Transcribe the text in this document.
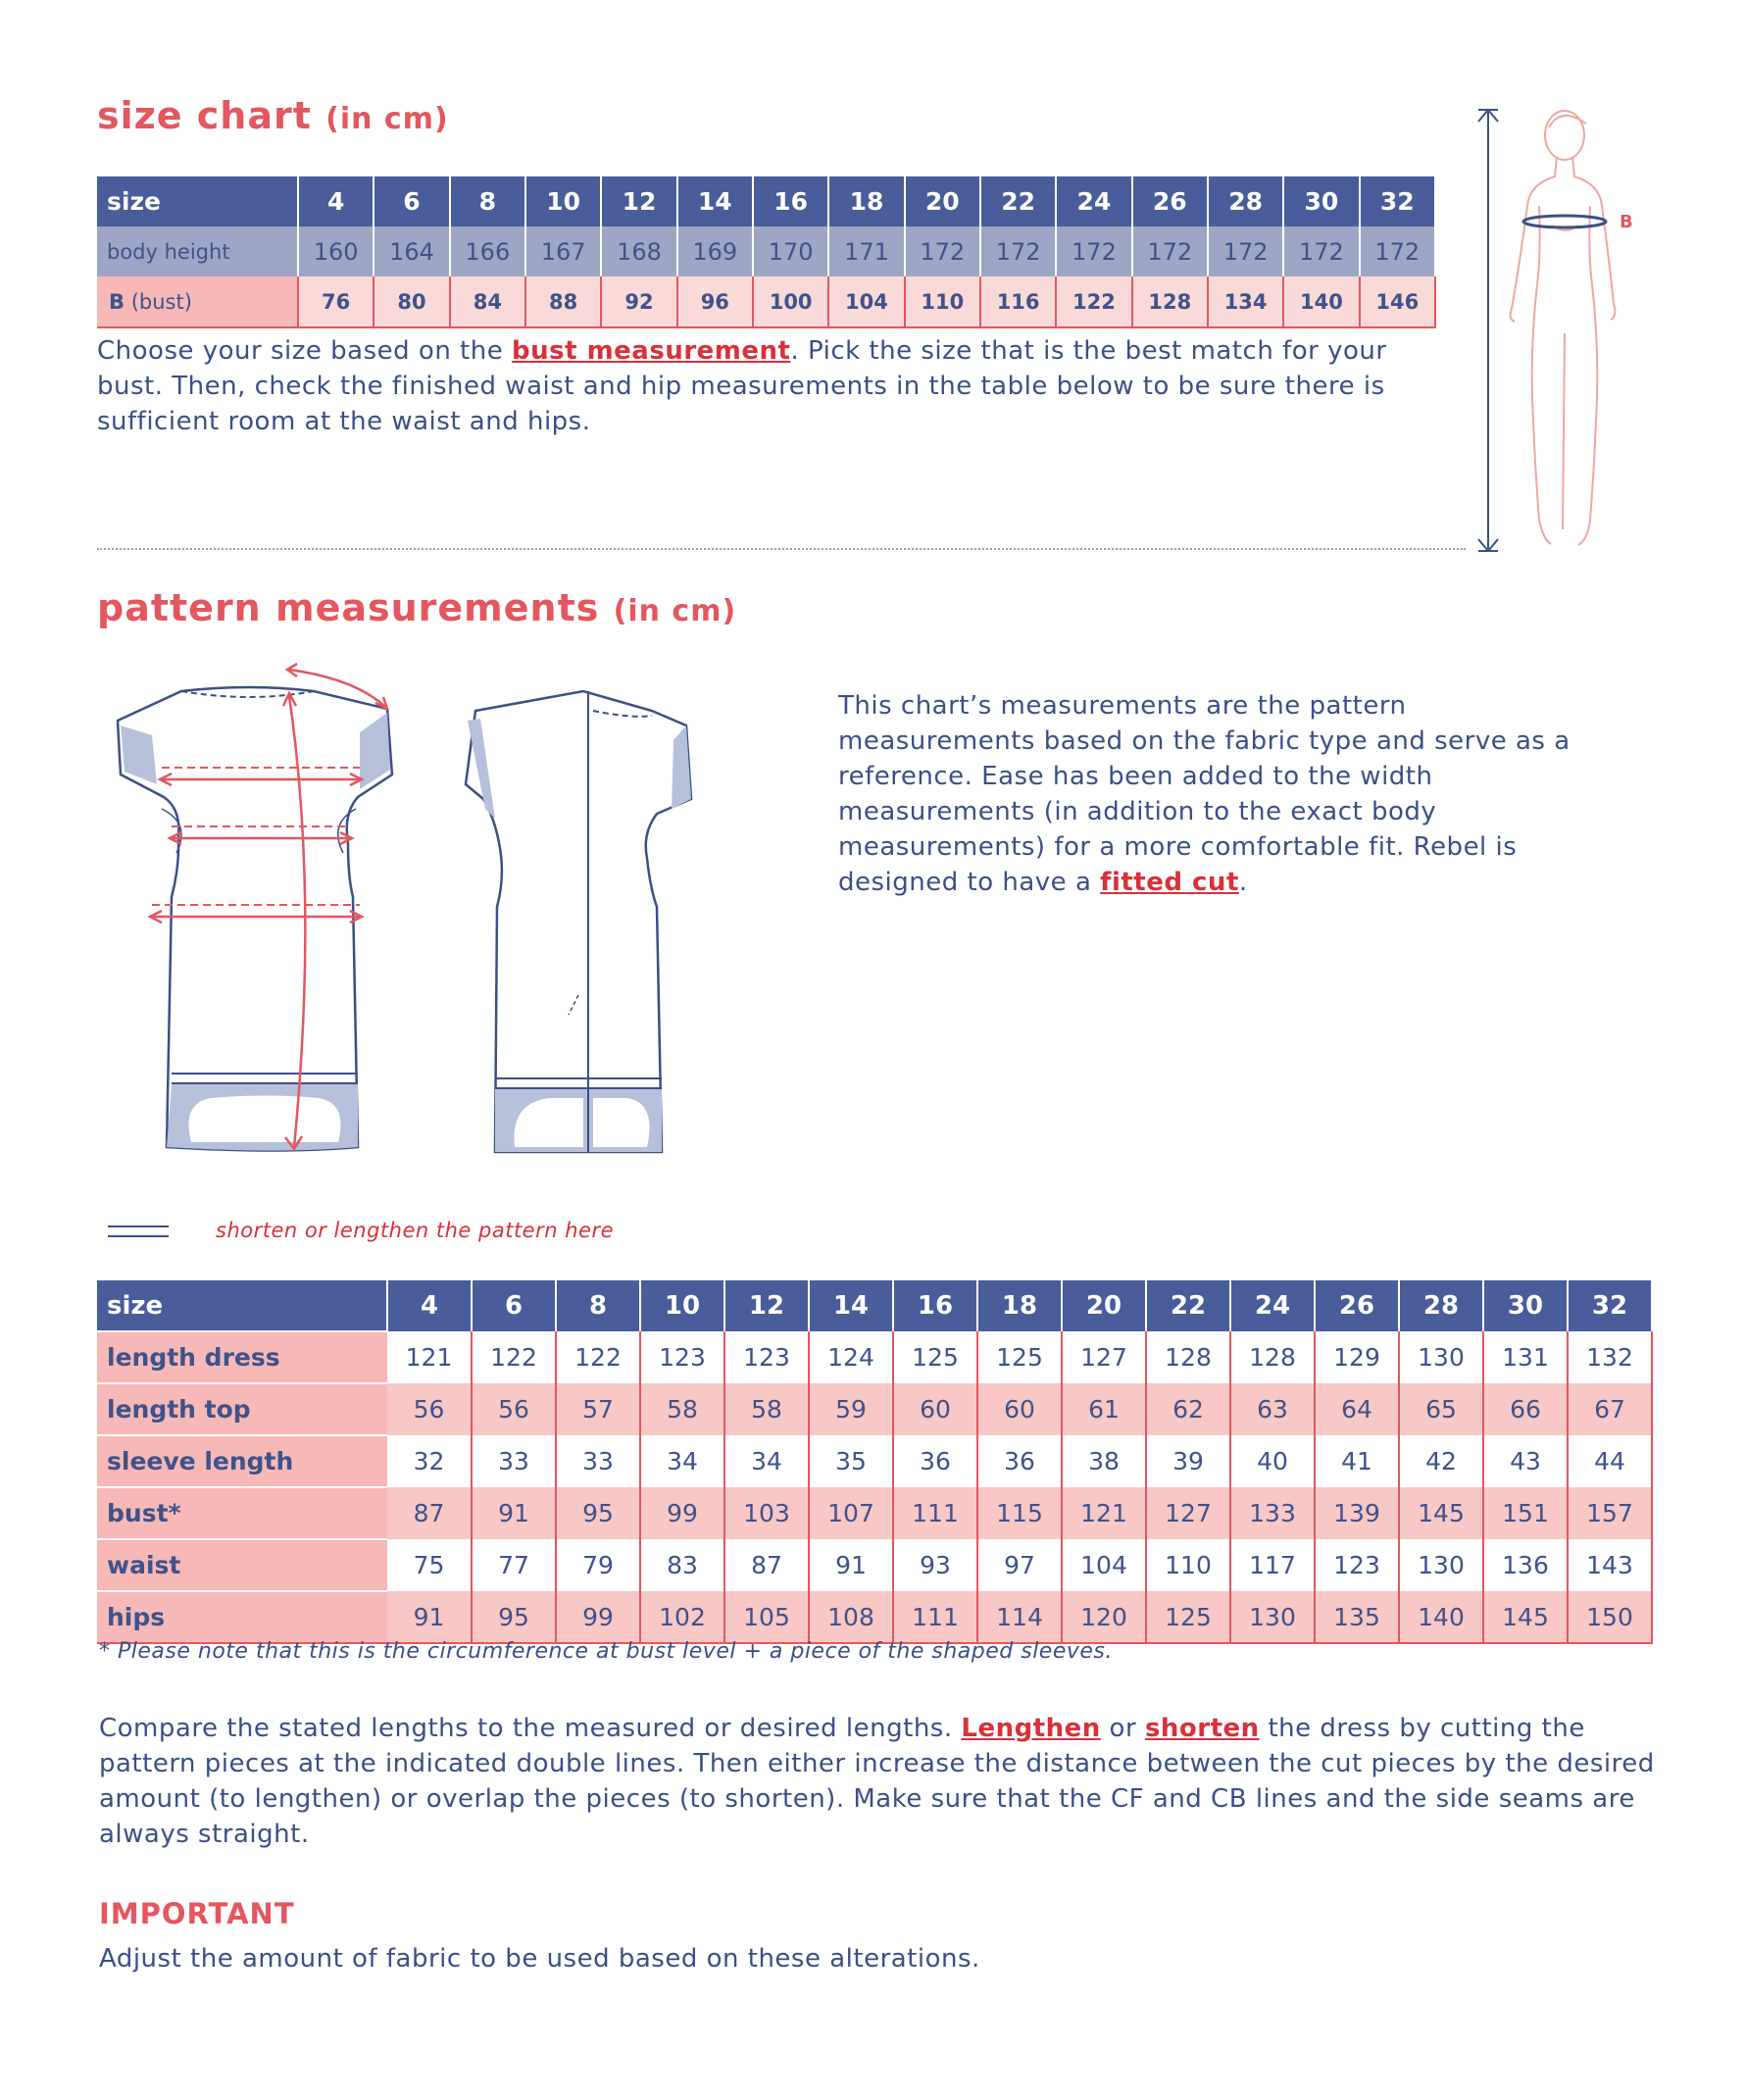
size chart (in cm)
size	4	6	8	10	12	14	16	18	20	22	24	26	28	30	32
body height	160	164	166	167	168	169	170	171	172	172	172	172	172	172	172
B (bust)	76	80	84	88	92	96	100	104	110	116	122	128	134	140	146
Choose your size based on the bust measurement. Pick the size that is the best match for your bust. Then, check the finished waist and hip measurements in the table below to be sure there is sufficient room at the waist and hips.
B
pattern measurements (in cm)
This chart’s measurements are the pattern measurements based on the fabric type and serve as a reference. Ease has been added to the width measurements (in addition to the exact body measurements) for a more comfortable fit. Rebel is designed to have a fitted cut.
shorten or lengthen the pattern here
size	4	6	8	10	12	14	16	18	20	22	24	26	28	30	32
length dress	121	122	122	123	123	124	125	125	127	128	128	129	130	131	132
length top	56	56	57	58	58	59	60	60	61	62	63	64	65	66	67
sleeve length	32	33	33	34	34	35	36	36	38	39	40	41	42	43	44
bust*	87	91	95	99	103	107	111	115	121	127	133	139	145	151	157
waist	75	77	79	83	87	91	93	97	104	110	117	123	130	136	143
hips	91	95	99	102	105	108	111	114	120	125	130	135	140	145	150
* Please note that this is the circumference at bust level + a piece of the shaped sleeves.
Compare the stated lengths to the measured or desired lengths. Lengthen or shorten the dress by cutting the pattern pieces at the indicated double lines. Then either increase the distance between the cut pieces by the desired amount (to lengthen) or overlap the pieces (to shorten). Make sure that the CF and CB lines and the side seams are always straight.
IMPORTANT
Adjust the amount of fabric to be used based on these alterations.
